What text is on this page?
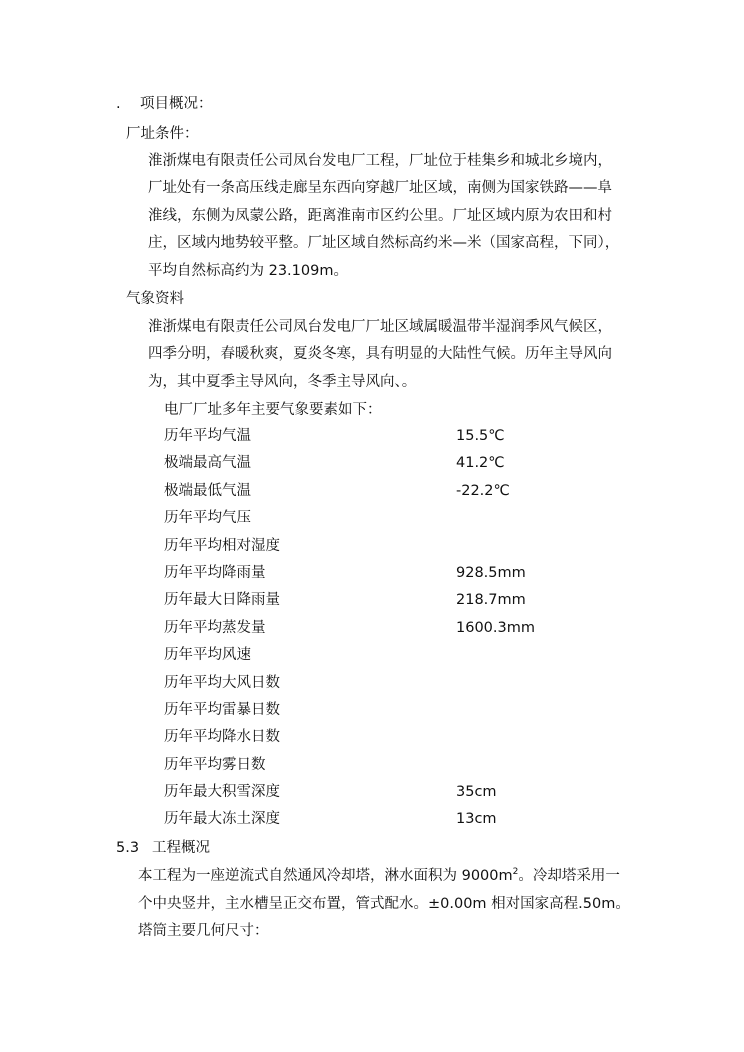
. 项目概况：
厂址条件：
淮浙煤电有限责任公司凤台发电厂工程，厂址位于桂集乡和城北乡境内，
厂址处有一条高压线走廊呈东西向穿越厂址区域，南侧为国家铁路——阜
淮线，东侧为凤蒙公路，距离淮南市区约公里。厂址区域内原为农田和村
庄，区域内地势较平整。厂址区域自然标高约米—米（国家高程，下同），
平均自然标高约为 23.109m。
气象资料
淮浙煤电有限责任公司凤台发电厂厂址区域属暖温带半湿润季风气候区，
四季分明，春暖秋爽，夏炎冬寒，具有明显的大陆性气候。历年主导风向
为，其中夏季主导风向，冬季主导风向、。
电厂厂址多年主要气象要素如下：
历年平均气温	15.5℃
极端最高气温	41.2℃
极端最低气温	-22.2℃
历年平均气压
历年平均相对湿度
历年平均降雨量	928.5mm
历年最大日降雨量	218.7mm
历年平均蒸发量	1600.3mm
历年平均风速
历年平均大风日数
历年平均雷暴日数
历年平均降水日数
历年平均雾日数
历年最大积雪深度	35cm
历年最大冻土深度	13cm
5.3 工程概况
本工程为一座逆流式自然通风冷却塔，淋水面积为 $9000m^2$。冷却塔采用一
个中央竖井，主水槽呈正交布置，管式配水。±0.00m 相对国家高程.50m。
塔筒主要几何尺寸：
